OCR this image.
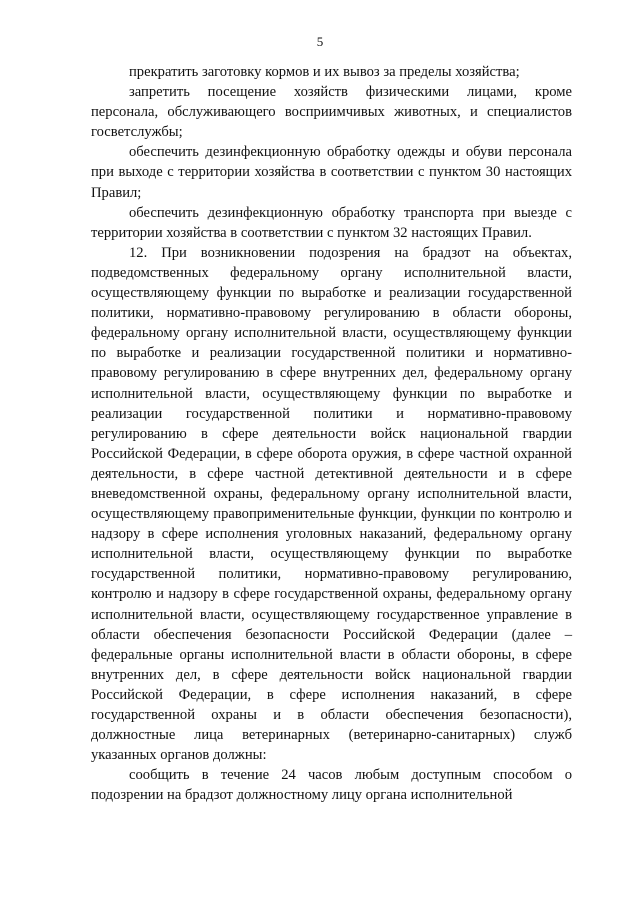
5

прекратить заготовку кормов и их вывоз за пределы хозяйства;

запретить посещение хозяйств физическими лицами, кроме персонала, обслуживающего восприимчивых животных, и специалистов госветслужбы;

обеспечить дезинфекционную обработку одежды и обуви персонала при выходе с территории хозяйства в соответствии с пунктом 30 настоящих Правил;

обеспечить дезинфекционную обработку транспорта при выезде с территории хозяйства в соответствии с пунктом 32 настоящих Правил.

12. При возникновении подозрения на брадзот на объектах, подведомственных федеральному органу исполнительной власти, осуществляющему функции по выработке и реализации государственной политики, нормативно-правовому регулированию в области обороны, федеральному органу исполнительной власти, осуществляющему функции по выработке и реализации государственной политики и нормативно-правовому регулированию в сфере внутренних дел, федеральному органу исполнительной власти, осуществляющему функции по выработке и реализации государственной политики и нормативно-правовому регулированию в сфере деятельности войск национальной гвардии Российской Федерации, в сфере оборота оружия, в сфере частной охранной деятельности, в сфере частной детективной деятельности и в сфере вневедомственной охраны, федеральному органу исполнительной власти, осуществляющему правоприменительные функции, функции по контролю и надзору в сфере исполнения уголовных наказаний, федеральному органу исполнительной власти, осуществляющему функции по выработке государственной политики, нормативно-правовому регулированию, контролю и надзору в сфере государственной охраны, федеральному органу исполнительной власти, осуществляющему государственное управление в области обеспечения безопасности Российской Федерации (далее – федеральные органы исполнительной власти в области обороны, в сфере внутренних дел, в сфере деятельности войск национальной гвардии Российской Федерации, в сфере исполнения наказаний, в сфере государственной охраны и в области обеспечения безопасности), должностные лица ветеринарных (ветеринарно-санитарных) служб указанных органов должны:

сообщить в течение 24 часов любым доступным способом о подозрении на брадзот должностному лицу органа исполнительной
